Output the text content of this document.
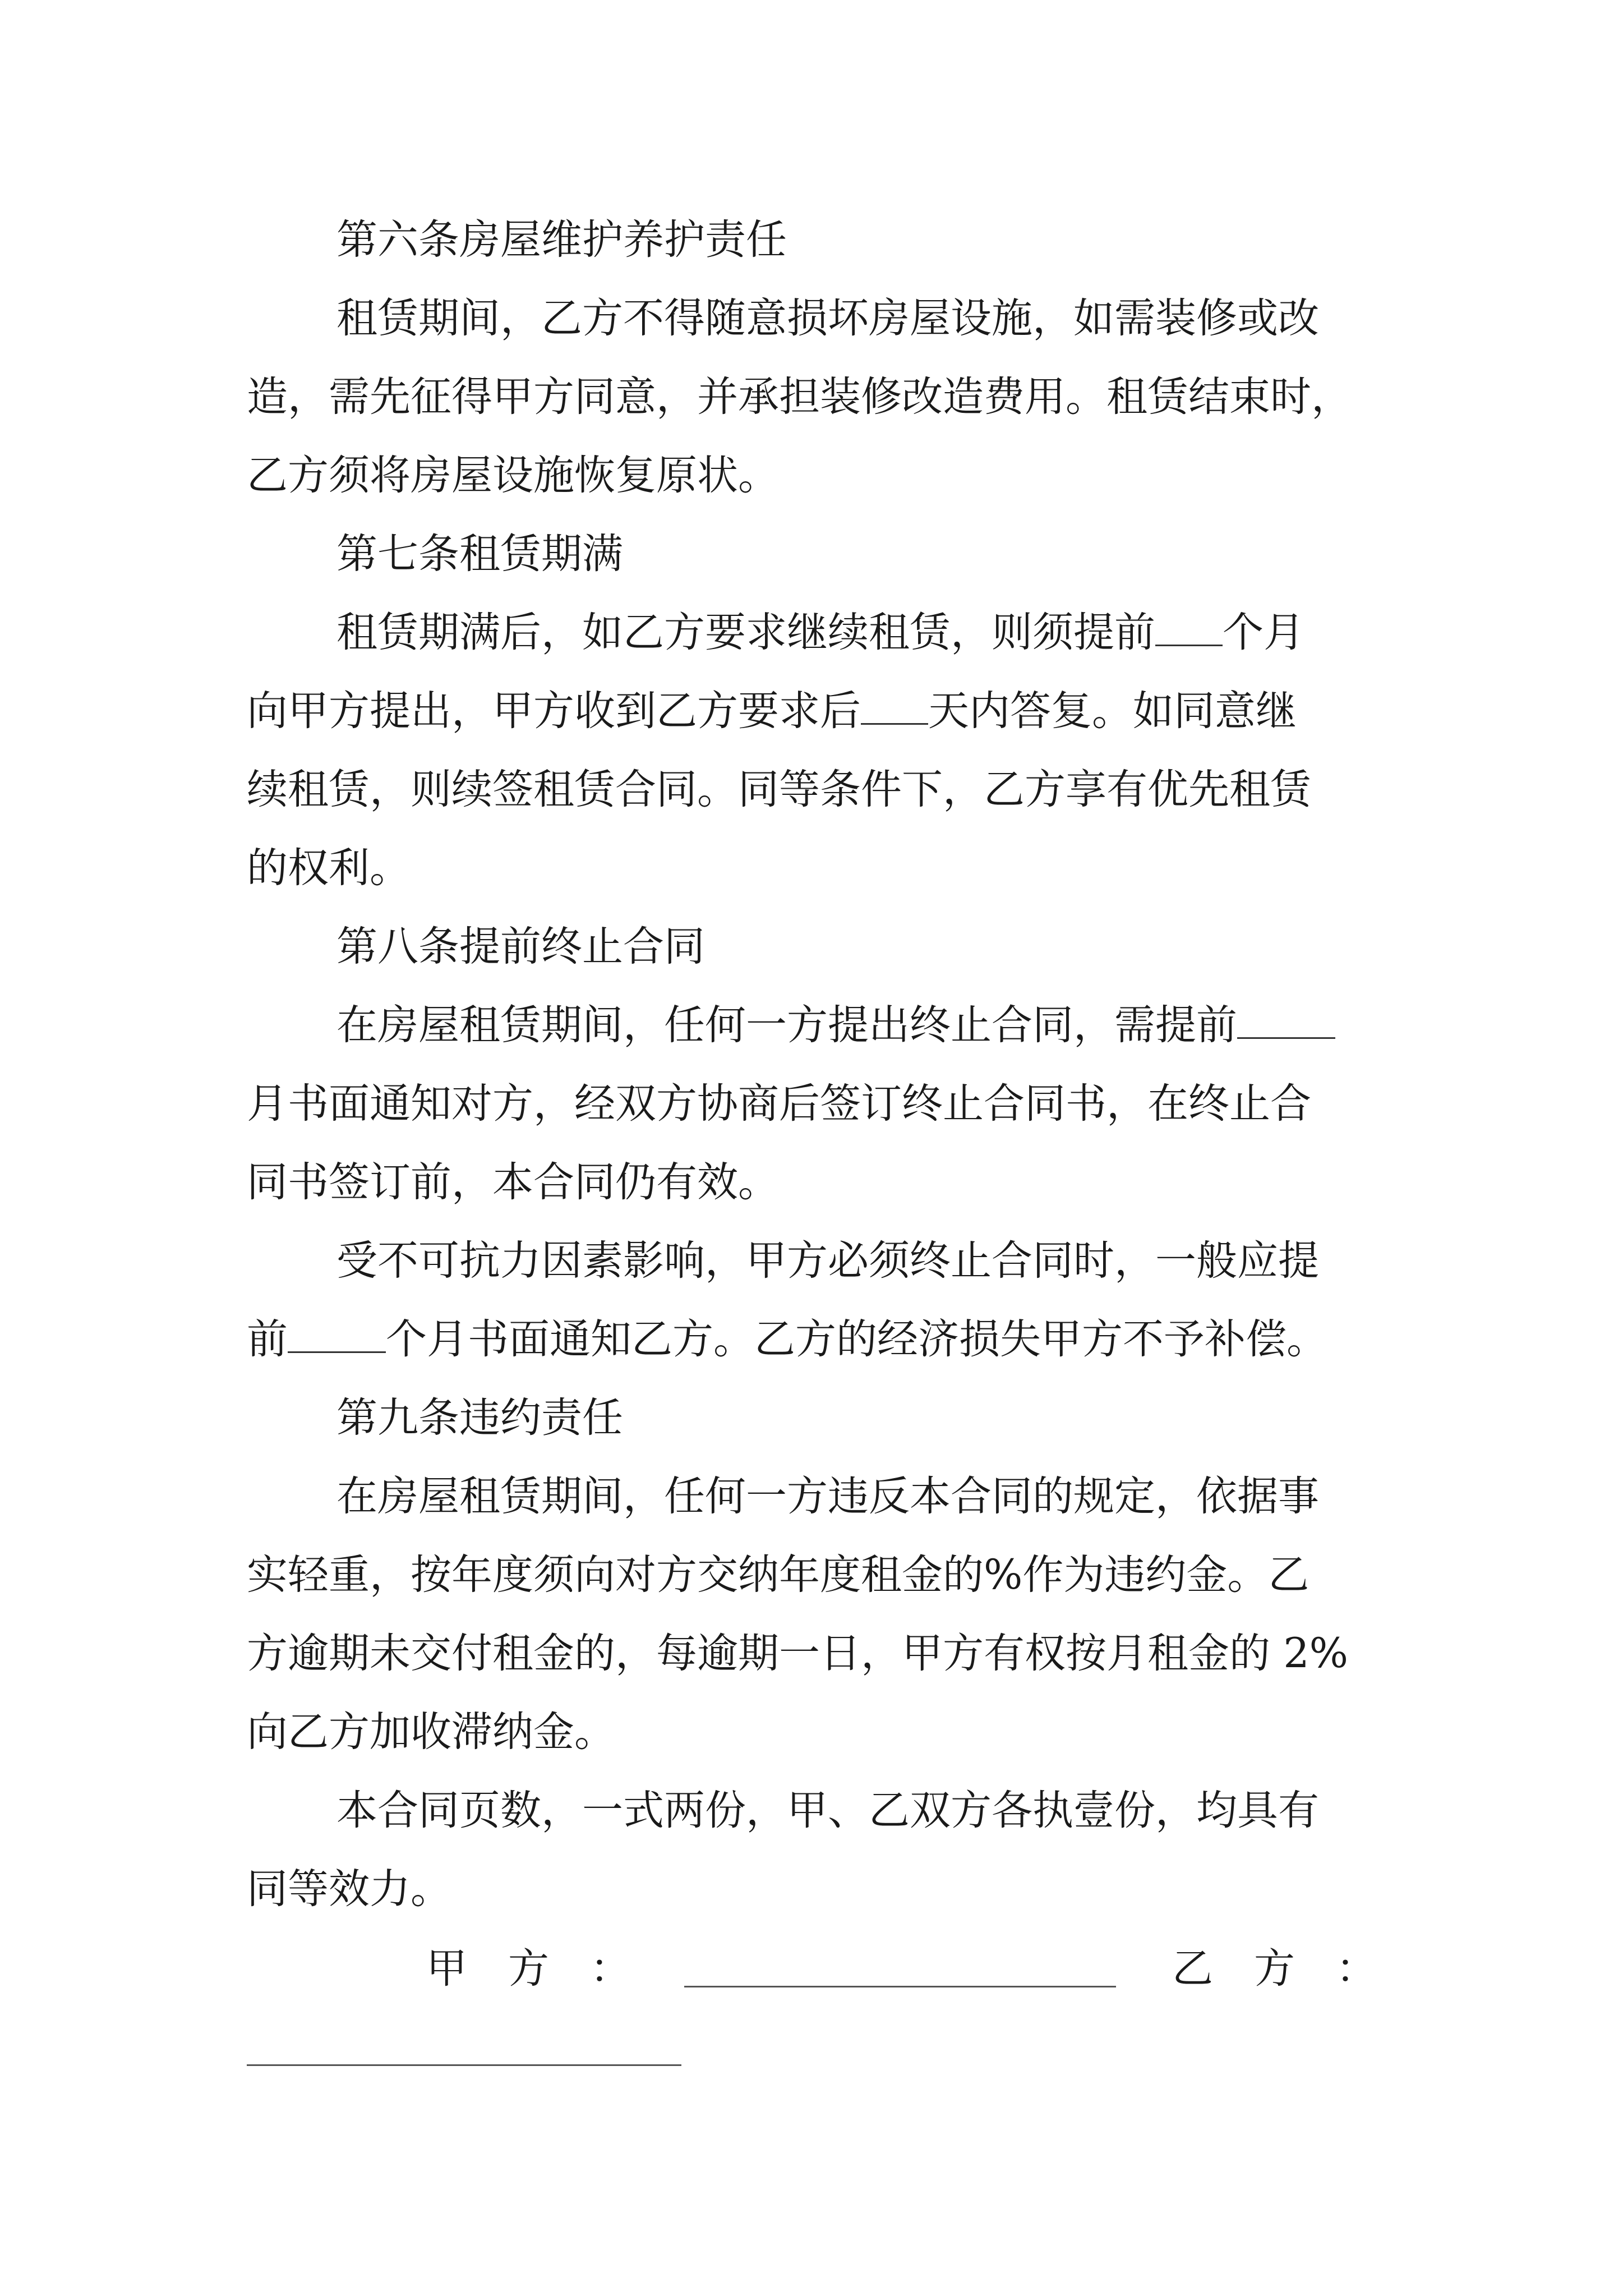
第六条房屋维护养护责任
租赁期间，乙方不得随意损坏房屋设施，如需装修或改
造，需先征得甲方同意，并承担装修改造费用。租赁结束时，
乙方须将房屋设施恢复原状。
第七条租赁期满
租赁期满后，如乙方要求继续租赁，则须提前 个月
向甲方提出，甲方收到乙方要求后 天内答复。如同意继
续租赁，则续签租赁合同。同等条件下，乙方享有优先租赁
的权利。
第八条提前终止合同
在房屋租赁期间，任何一方提出终止合同，需提前
月书面通知对方，经双方协商后签订终止合同书，在终止合
同书签订前，本合同仍有效。
受不可抗力因素影响，甲方必须终止合同时，一般应提
前 个月书面通知乙方。乙方的经济损失甲方不予补偿。
第九条违约责任
在房屋租赁期间，任何一方违反本合同的规定，依据事
实轻重，按年度须向对方交纳年度租金的%作为违约金。乙
方逾期未交付租金的，每逾期一日，甲方有权按月租金的 2%
向乙方加收滞纳金。
本合同页数，一式两份，甲、乙双方各执壹份，均具有
同等效力。
甲　方　：	乙　方　：
